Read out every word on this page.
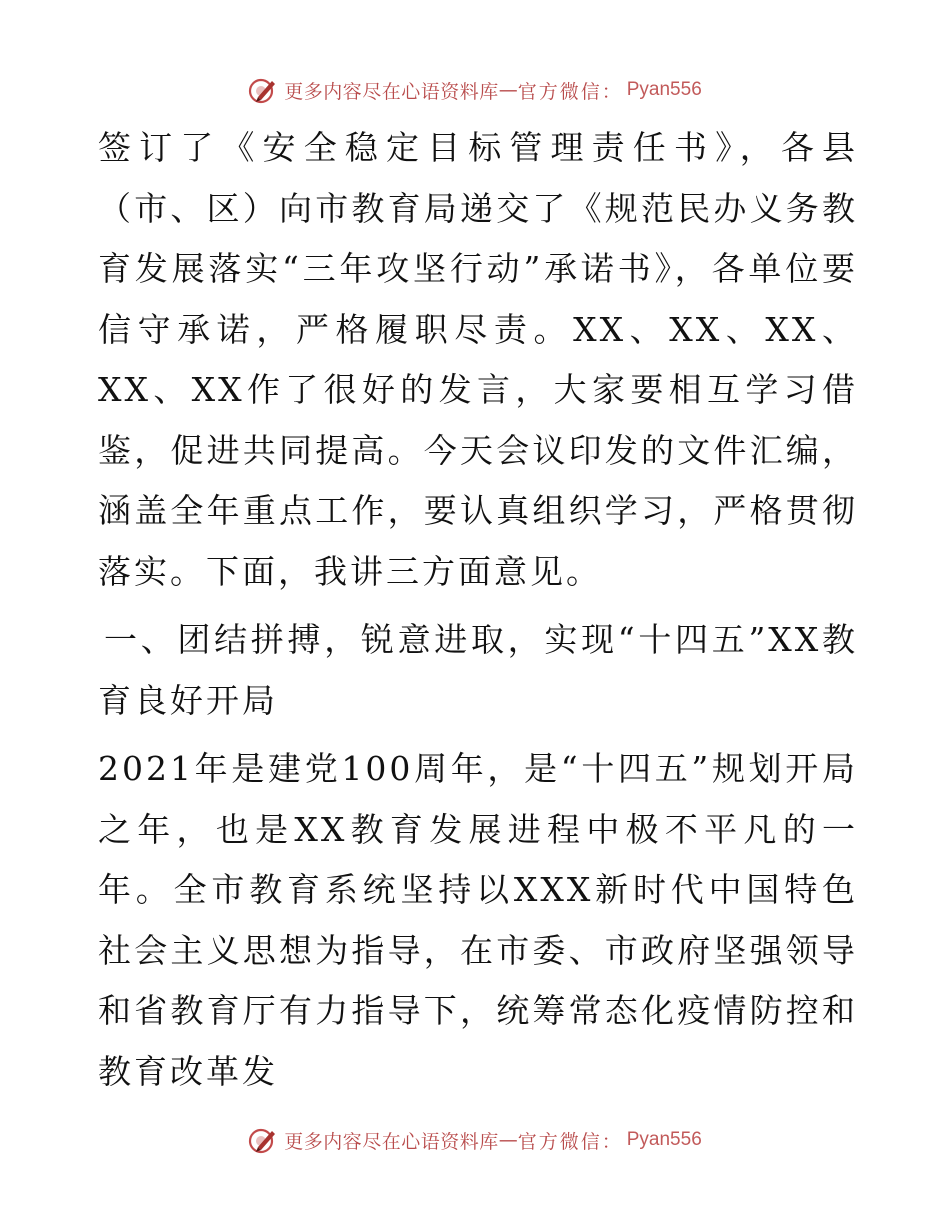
更多内容尽在心语资料库 — 官方微信： Pyan556

签订了《安全稳定目标管理责任书》，各县（市、区）向市教育局递交了《规范民办义务教育发展落实“三年攻坚行动”承诺书》，各单位要信守承诺，严格履职尽责。XX、XX、XX、XX、XX作了很好的发言，大家要相互学习借鉴，促进共同提高。今天会议印发的文件汇编，涵盖全年重点工作，要认真组织学习，严格贯彻落实。下面，我讲三方面意见。

一、团结拼搏，锐意进取，实现“十四五”XX教育良好开局

2021年是建党100周年，是“十四五”规划开局之年，也是XX教育发展进程中极不平凡的一年。全市教育系统坚持以XXX新时代中国特色社会主义思想为指导，在市委、市政府坚强领导和省教育厅有力指导下，统筹常态化疫情防控和教育改革发

更多内容尽在心语资料库 — 官方微信： Pyan556
